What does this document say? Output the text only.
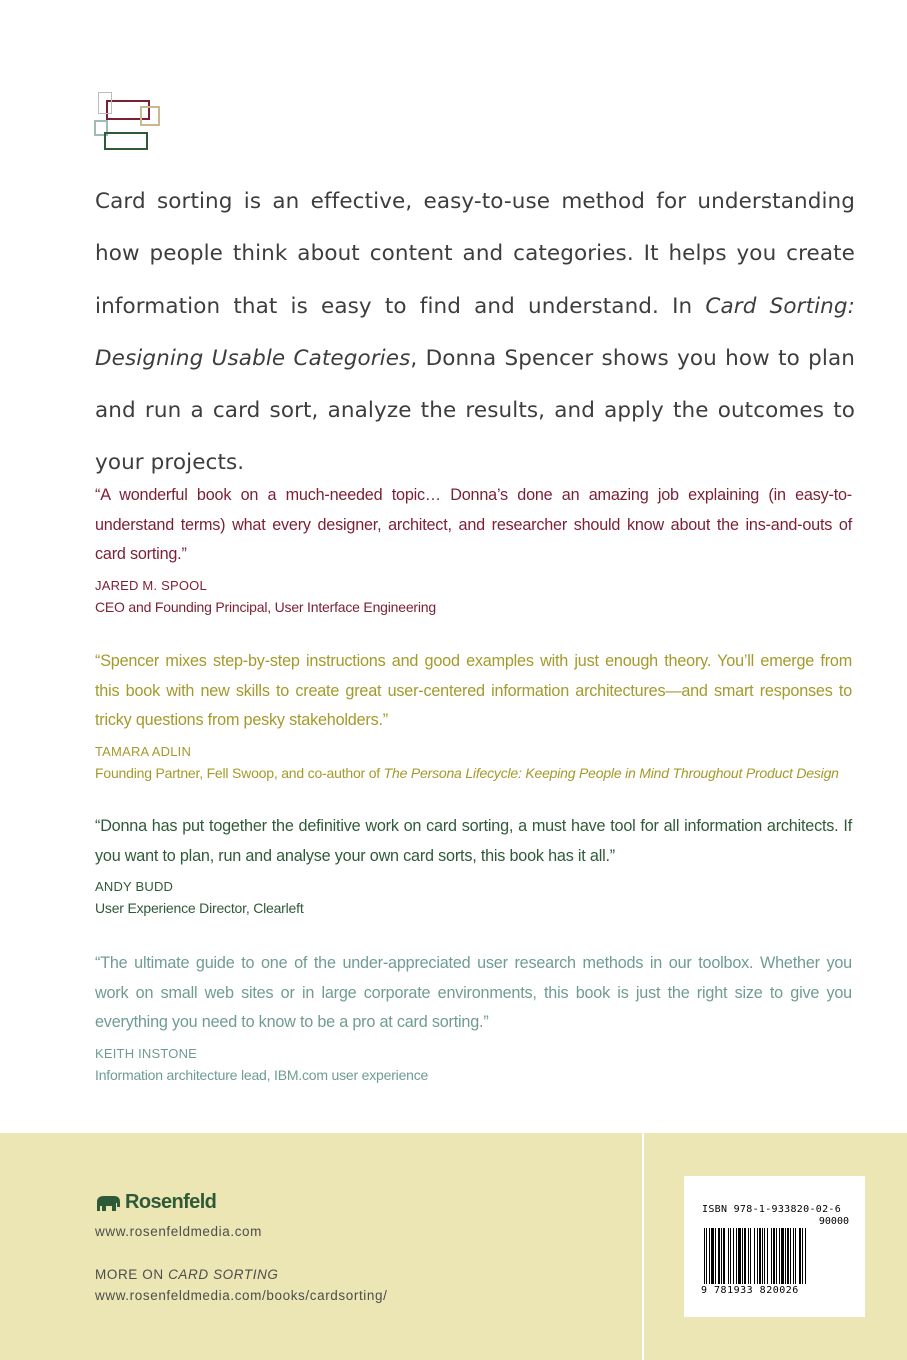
Card sorting is an effective, easy-to-use method for understanding how people think about content and categories. It helps you create information that is easy to find and understand. In Card Sorting: Designing Usable Categories, Donna Spencer shows you how to plan and run a card sort, analyze the results, and apply the outcomes to your projects.

“A wonderful book on a much-needed topic… Donna’s done an amazing job explaining (in easy-to-understand terms) what every designer, architect, and researcher should know about the ins-and-outs of card sorting.”

JARED M. SPOOL

CEO and Founding Principal, User Interface Engineering

“Spencer mixes step-by-step instructions and good examples with just enough theory. You’ll emerge from this book with new skills to create great user-centered information architectures—and smart responses to tricky questions from pesky stakeholders.”

TAMARA ADLIN

Founding Partner, Fell Swoop, and co-author of The Persona Lifecycle: Keeping People in Mind Throughout Product Design

“Donna has put together the definitive work on card sorting, a must have tool for all information architects. If you want to plan, run and analyse your own card sorts, this book has it all.”

ANDY BUDD

User Experience Director, Clearleft

“The ultimate guide to one of the under-appreciated user research methods in our toolbox. Whether you work on small web sites or in large corporate environments, this book is just the right size to give you everything you need to know to be a pro at card sorting.”

KEITH INSTONE

Information architecture lead, IBM.com user experience

Rosenfeld
www.rosenfeldmedia.com
MORE ON CARD SORTING
www.rosenfeldmedia.com/books/cardsorting/
ISBN 978-1-933820-02-6
90000
9 781933 820026
